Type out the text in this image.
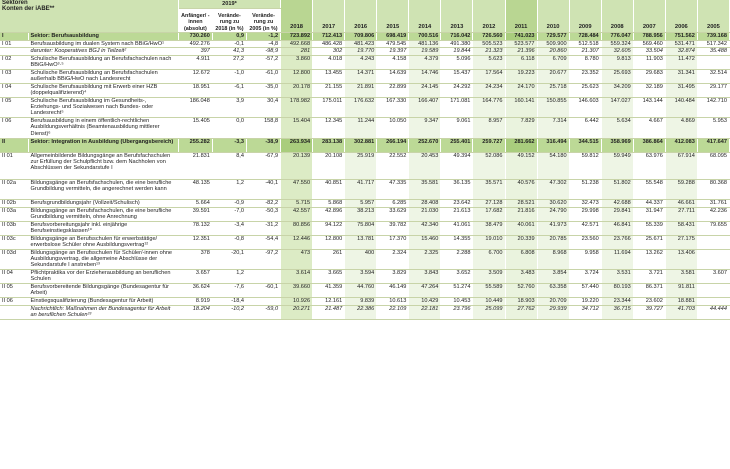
Sektoren
Konten der iABE**		2019*			2018	2017	2016	2015	2014	2013	2012	2011	2010	2009	2008	2007	2006	2005
		Anfänger/ -innen (absolut)	Verände- rung zu 2018 (in %)	Verände- rung zu 2005 (in %)														
I	Sektor: Berufsausbildung	730.260	0,9	-1,2	723.892	712.413	709.806	698.419	700.516	716.042	726.560	741.023	729.577	728.484	776.047	788.956	751.562	739.168
I 01	Berufsausbildung im dualen System nach BBiG/HwO¹	492.276	-0,1	-4,8	492.668	486.428	481.423	479.545	481.136	491.380	505.523	523.577	509.900	512.518	559.324	569.460	531.471	517.342
	darunter: Kooperatives BGJ in Teilzeit²	397	41,3	-98,9	281	302	19.770	19.397	19.589	19.844	21.323	21.396	20.860	21.307	32.605	33.504	32.874	35.488
I 02	Schulische Berufsausbildung an Berufsfachschulen nach BBiG/HwO³·⁵	4.911	27,2	-57,2	3.860	4.018	4.243	4.158	4.379	5.096	5.623	6.118	6.709	8.780	9.813	11.903	11.472	
I 03	Schulische Berufsausbildung an Berufsfachschulen außerhalb BBiG/HwO nach Landesrecht	12.672	-1,0	-61,0	12.800	13.455	14.371	14.639	14.746	15.437	17.564	19.223	20.677	23.352	25.693	29.683	31.341	32.514
I 04	Schulische Berufsausbildung mit Erwerb einer HZB (doppelqualifizierend)⁴	18.951	-6,1	-35,0	20.178	21.155	21.891	22.899	24.145	24.292	24.234	24.170	25.718	25.623	34.209	32.189	31.495	29.177
I 05	Schulische Berufsausbildung im Gesundheits-, Erziehungs- und Sozialwesen nach Bundes- oder Landesrecht⁵	186.048	3,9	30,4	178.982	175.011	176.632	167.330	166.407	171.081	164.776	160.141	150.855	146.603	147.027	143.144	140.484	142.710
I 06	Berufsausbildung in einem öffentlich-rechtlichen Ausbildungsverhältnis (Beamtenausbildung mittlerer Dienst)⁶	15.405	0,0	158,8	15.404	12.345	11.244	10.050	9.347	9.061	8.957	7.829	7.314	6.442	5.634	4.667	4.869	5.953
II	Sektor: Integration in Ausbildung (Übergangsbereich)	255.282	-3,3	-38,9	263.934	283.138	302.881	266.194	252.670	255.401	259.727	281.662	316.494	344.515	358.969	386.864	412.083	417.647
II 01	Allgemeinbildende Bildungsgänge an Berufsfachschulen zur Erfüllung der Schulpflicht bzw. dem Nachholen von Abschlüssen der Sekundarstufe I	21.831	8,4	-67,9	20.139	20.108	25.919	22.552	20.453	49.394	52.086	49.152	54.180	59.812	59.949	63.976	67.914	68.095
II 02a	Bildungsgänge an Berufsfachschulen, die eine berufliche Grundbildung vermitteln, die angerechnet werden kann	48.135	1,2	-40,1	47.550	40.851	41.717	47.335	35.581	36.135	35.571	40.576	47.302	51.238	51.802	55.548	59.288	80.368
II 02b	Berufsgrundbildungsjahr (Vollzeit/Schulisch)	5.664	-0,9	-82,2	5.715	5.868	5.957	6.285	28.408	23.642	27.128	28.521	30.620	32.473	42.688	44.337	46.661	31.761
II 03a	Bildungsgänge an Berufsfachschulen, die eine berufliche Grundbildung vermitteln, ohne Anrechnung	39.591	-7,0	-50,3	42.557	42.896	38.213	33.629	21.030	21.613	17.682	21.816	24.790	29.998	29.841	31.947	27.711	42.236
II 03b	Berufsvorbereitungsjahr inkl. einjährige Berufseinstiegsklassen¹⁰	78.132	-3,4	-31,2	80.856	94.122	75.804	39.782	42.340	41.061	38.479	40.061	41.973	42.571	46.841	55.339	58.431	79.655
II 03c	Bildungsgänge an Berufsschulen für erwerbstätige/ erwerbslose Schüler ohne Ausbildungsvertrag¹²	12.351	-0,8	-54,4	12.446	12.800	13.781	17.370	15.460	14.355	19.010	20.339	20.785	23.560	23.766	25.671	27.175	
II 03d	Bildungsgänge an Berufsschulen für Schüler/-innen ohne Ausbildungsvertrag, die allgemeine Abschlüsse der Sekundarstufe I anstreben¹³	378	-20,1	-97,2	473	261	400	2.324	2.325	2.288	6.700	6.808	8.968	9.958	11.694	13.262	13.406	
II 04	Pflichtpraktika vor der Erzieherausbildung an beruflichen Schulen	3.657	1,2		3.614	3.665	3.594	3.829	3.843	3.652	3.509	3.483	3.854	3.724	3.531	3.721	3.581	3.607
II 05	Berufsvorbereitende Bildungsgänge (Bundesagentur für Arbeit)	36.624	-7,6	-60,1	39.660	41.359	44.760	46.149	47.264	51.274	55.589	52.760	63.358	57.440	80.193	86.371	91.811	
II 06	Einstiegsqualifizierung (Bundesagentur für Arbeit)	8.919	-18,4		10.926	12.161	9.839	10.613	10.429	10.453	10.449	18.903	20.709	19.220	23.344	23.602	18.881	
	Nachrichtlich: Maßnahmen der Bundesagentur für Arbeit an beruflichen Schulen²³	18.204	-10,2	-59,0	20.271	21.487	22.386	22.109	22.181	23.796	25.099	27.762	29.939	34.712	36.715	39.727	41.703	44.444
